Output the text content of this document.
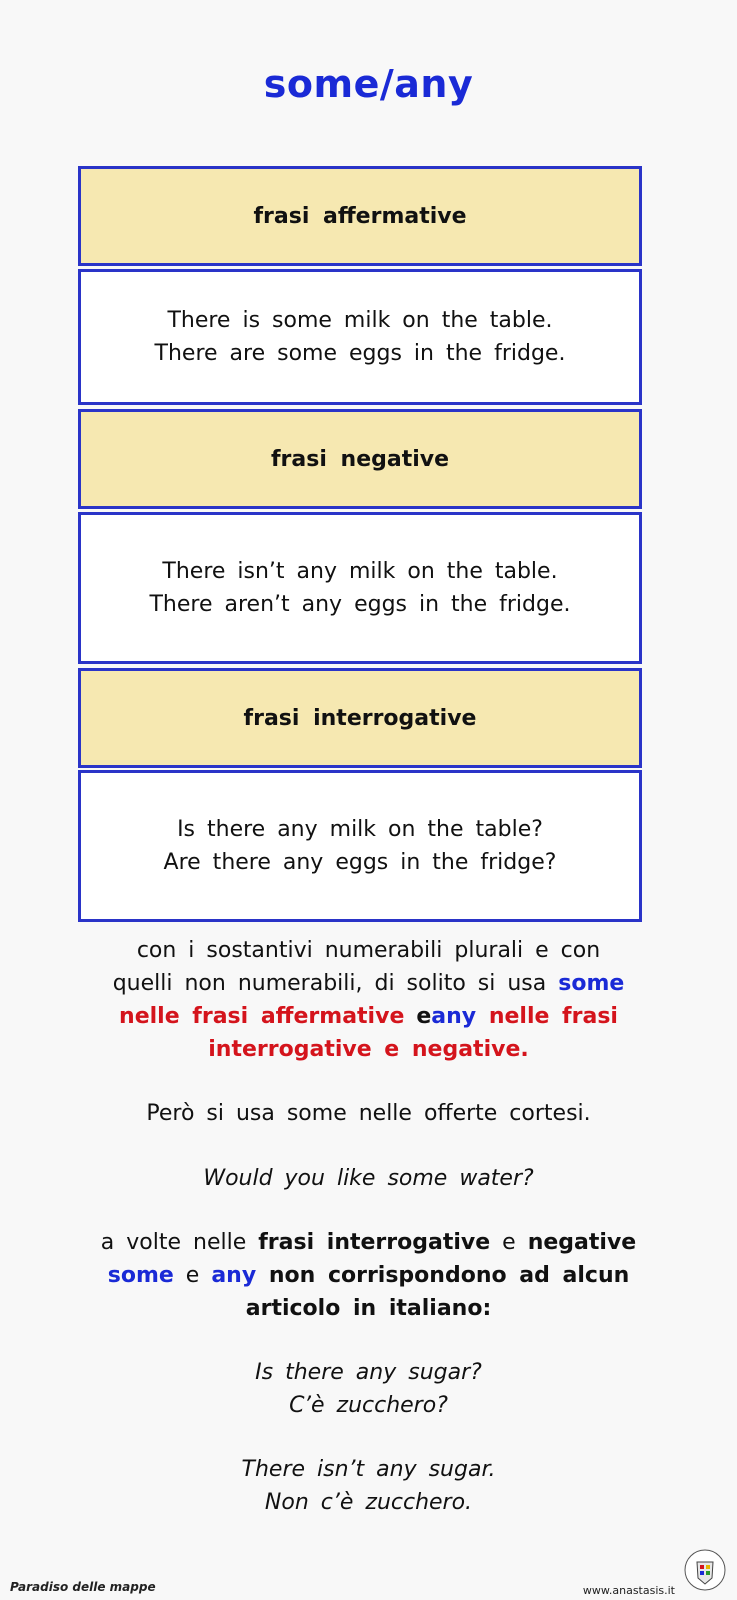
some/any
frasi affermative
There is some milk on the table.
There are some eggs in the fridge.
frasi negative
There isn’t any milk on the table.
There aren’t any eggs in the fridge.
frasi interrogative
Is there any milk on the table?
Are there any eggs in the fridge?
con i sostantivi numerabili plurali e con
quelli non numerabili, di solito si usa some
nelle frasi affermative eany nelle frasi
interrogative e negative.
Però si usa some nelle offerte cortesi.
Would you like some water?
a volte nelle frasi interrogative e negative
some e any non corrispondono ad alcun
articolo in italiano:
Is there any sugar?
C’è zucchero?
There isn’t any sugar.
Non c’è zucchero.
Paradiso delle mappe	www.anastasis.it
